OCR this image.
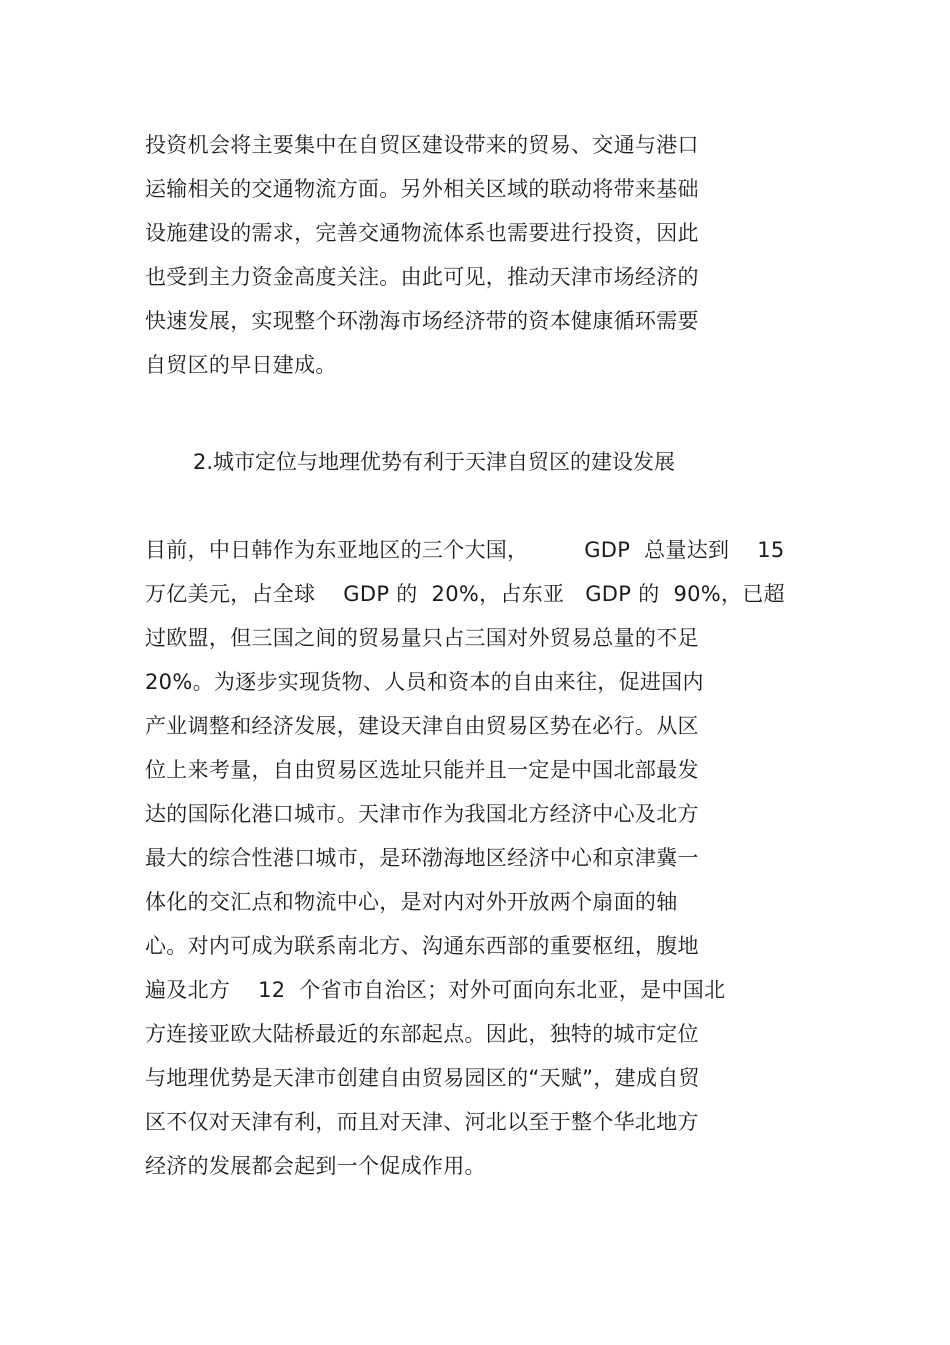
投资机会将主要集中在自贸区建设带来的贸易、交通与港口
运输相关的交通物流方面。另外相关区域的联动将带来基础
设施建设的需求，完善交通物流体系也需要进行投资，因此
也受到主力资金高度关注。由此可见，推动天津市场经济的
快速发展，实现整个环渤海市场经济带的资本健康循环需要
自贸区的早日建成。
2.城市定位与地理优势有利于天津自贸区的建设发展
目前，中日韩作为东亚地区的三个大国，        GDP  总量达到    15
万亿美元，占全球    GDP 的  20%，占东亚   GDP 的  90%，已超
过欧盟，但三国之间的贸易量只占三国对外贸易总量的不足
20%。为逐步实现货物、人员和资本的自由来往，促进国内
产业调整和经济发展，建设天津自由贸易区势在必行。从区
位上来考量，自由贸易区选址只能并且一定是中国北部最发
达的国际化港口城市。天津市作为我国北方经济中心及北方
最大的综合性港口城市，是环渤海地区经济中心和京津冀一
体化的交汇点和物流中心，是对内对外开放两个扇面的轴
心。对内可成为联系南北方、沟通东西部的重要枢纽，腹地
遍及北方    12  个省市自治区；对外可面向东北亚，是中国北
方连接亚欧大陆桥最近的东部起点。因此，独特的城市定位
与地理优势是天津市创建自由贸易园区的“天赋”，建成自贸
区不仅对天津有利，而且对天津、河北以至于整个华北地方
经济的发展都会起到一个促成作用。
